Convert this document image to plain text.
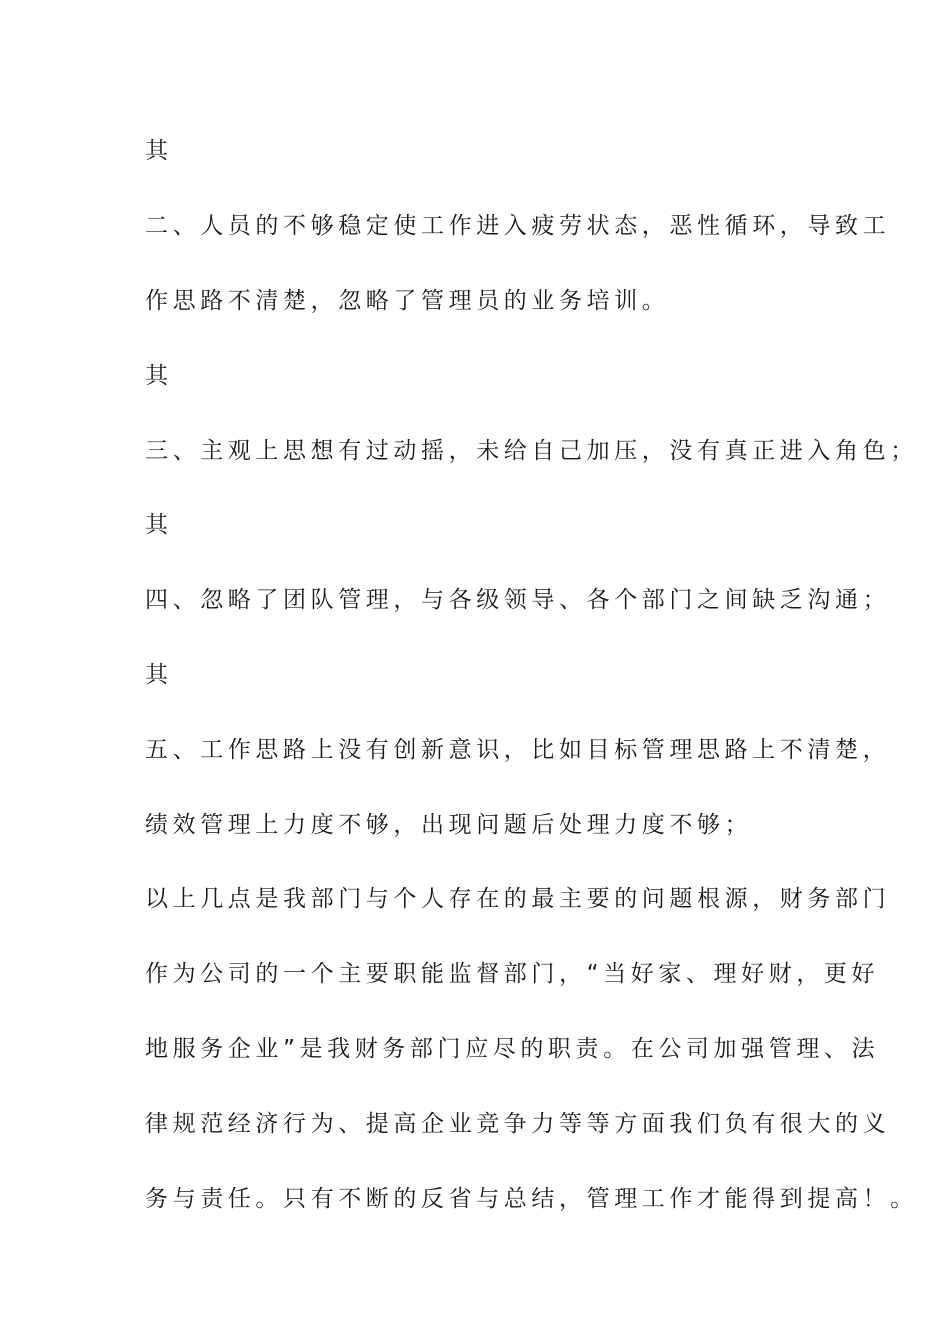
其
二、人员的不够稳定使工作进入疲劳状态，恶性循环，导致工
作思路不清楚，忽略了管理员的业务培训。
其
三、主观上思想有过动摇，未给自己加压，没有真正进入角色；
其
四、忽略了团队管理，与各级领导、各个部门之间缺乏沟通；
其
五、工作思路上没有创新意识，比如目标管理思路上不清楚，
绩效管理上力度不够，出现问题后处理力度不够；
以上几点是我部门与个人存在的最主要的问题根源，财务部门
作为公司的一个主要职能监督部门，“当好家、理好财，更好
地服务企业”是我财务部门应尽的职责。在公司加强管理、法
律规范经济行为、提高企业竞争力等等方面我们负有很大的义
务与责任。只有不断的反省与总结，管理工作才能得到提高！。
